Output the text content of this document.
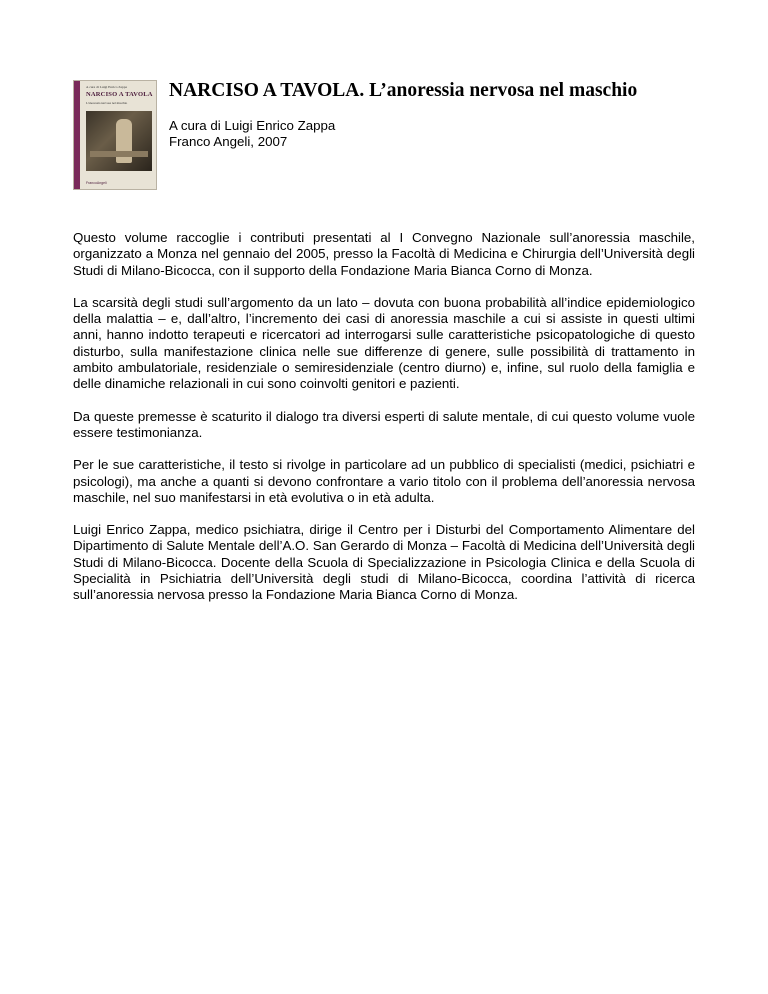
A cura di Luigi Enrico Zappa
NARCISO A TAVOLA
L'anoressia nervosa nel maschio
FrancoAngeli
NARCISO A TAVOLA. L’anoressia nervosa nel maschio

A cura di Luigi Enrico Zappa

Franco Angeli, 2007

Questo volume raccoglie i contributi presentati al I Convegno Nazionale sull’anoressia maschile, organizzato a Monza nel gennaio del 2005, presso la Facoltà di Medicina e Chirurgia dell’Università degli Studi di Milano-Bicocca, con il supporto della Fondazione Maria Bianca Corno di Monza.

La scarsità degli studi sull’argomento da un lato – dovuta con buona probabilità all’indice epidemiologico della malattia – e, dall’altro, l’incremento dei casi di anoressia maschile a cui si assiste in questi ultimi anni, hanno indotto terapeuti e ricercatori ad interrogarsi sulle caratteristiche psicopatologiche di questo disturbo, sulla manifestazione clinica nelle sue differenze di genere, sulle possibilità di trattamento in ambito ambulatoriale, residenziale o semiresidenziale (centro diurno) e, infine, sul ruolo della famiglia e delle dinamiche relazionali in cui sono coinvolti genitori e pazienti.

Da queste premesse è scaturito il dialogo tra diversi esperti di salute mentale, di cui questo volume vuole essere testimonianza.

Per le sue caratteristiche, il testo si rivolge in particolare ad un pubblico di specialisti (medici, psichiatri e psicologi), ma anche a quanti si devono confrontare a vario titolo con il problema dell’anoressia nervosa maschile, nel suo manifestarsi in età evolutiva o in età adulta.

Luigi Enrico Zappa, medico psichiatra, dirige il Centro per i Disturbi del Comportamento Alimentare del Dipartimento di Salute Mentale dell’A.O. San Gerardo di Monza – Facoltà di Medicina dell’Università degli Studi di Milano-Bicocca. Docente della Scuola di Specializzazione in Psicologia Clinica e della Scuola di Specialità in Psichiatria dell’Università degli studi di Milano-Bicocca, coordina l’attività di ricerca sull’anoressia nervosa presso la Fondazione Maria Bianca Corno di Monza.
